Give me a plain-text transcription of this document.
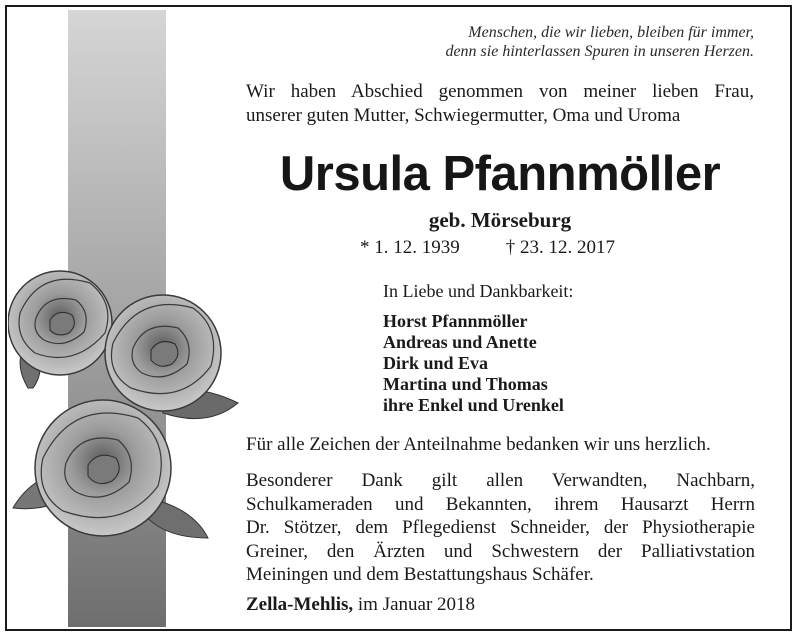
Menschen, die wir lieben, bleiben für immer,
denn sie hinterlassen Spuren in unseren Herzen.
Wir haben Abschied genommen von meiner lieben Frau,
unserer guten Mutter, Schwiegermutter, Oma und Uroma
Ursula Pfannmöller
geb. Mörseburg
* 1. 12. 1939 † 23. 12. 2017
In Liebe und Dankbarkeit:
Horst Pfannmöller
Andreas und Anette
Dirk und Eva
Martina und Thomas
ihre Enkel und Urenkel
Für alle Zeichen der Anteilnahme bedanken wir uns herzlich.
Besonderer Dank gilt allen Verwandten, Nachbarn,
Schulkameraden und Bekannten, ihrem Hausarzt Herrn
Dr. Stötzer, dem Pflegedienst Schneider, der Physiotherapie
Greiner, den Ärzten und Schwestern der Palliativstation
Meiningen und dem Bestattungshaus Schäfer.
Zella-Mehlis, im Januar 2018
